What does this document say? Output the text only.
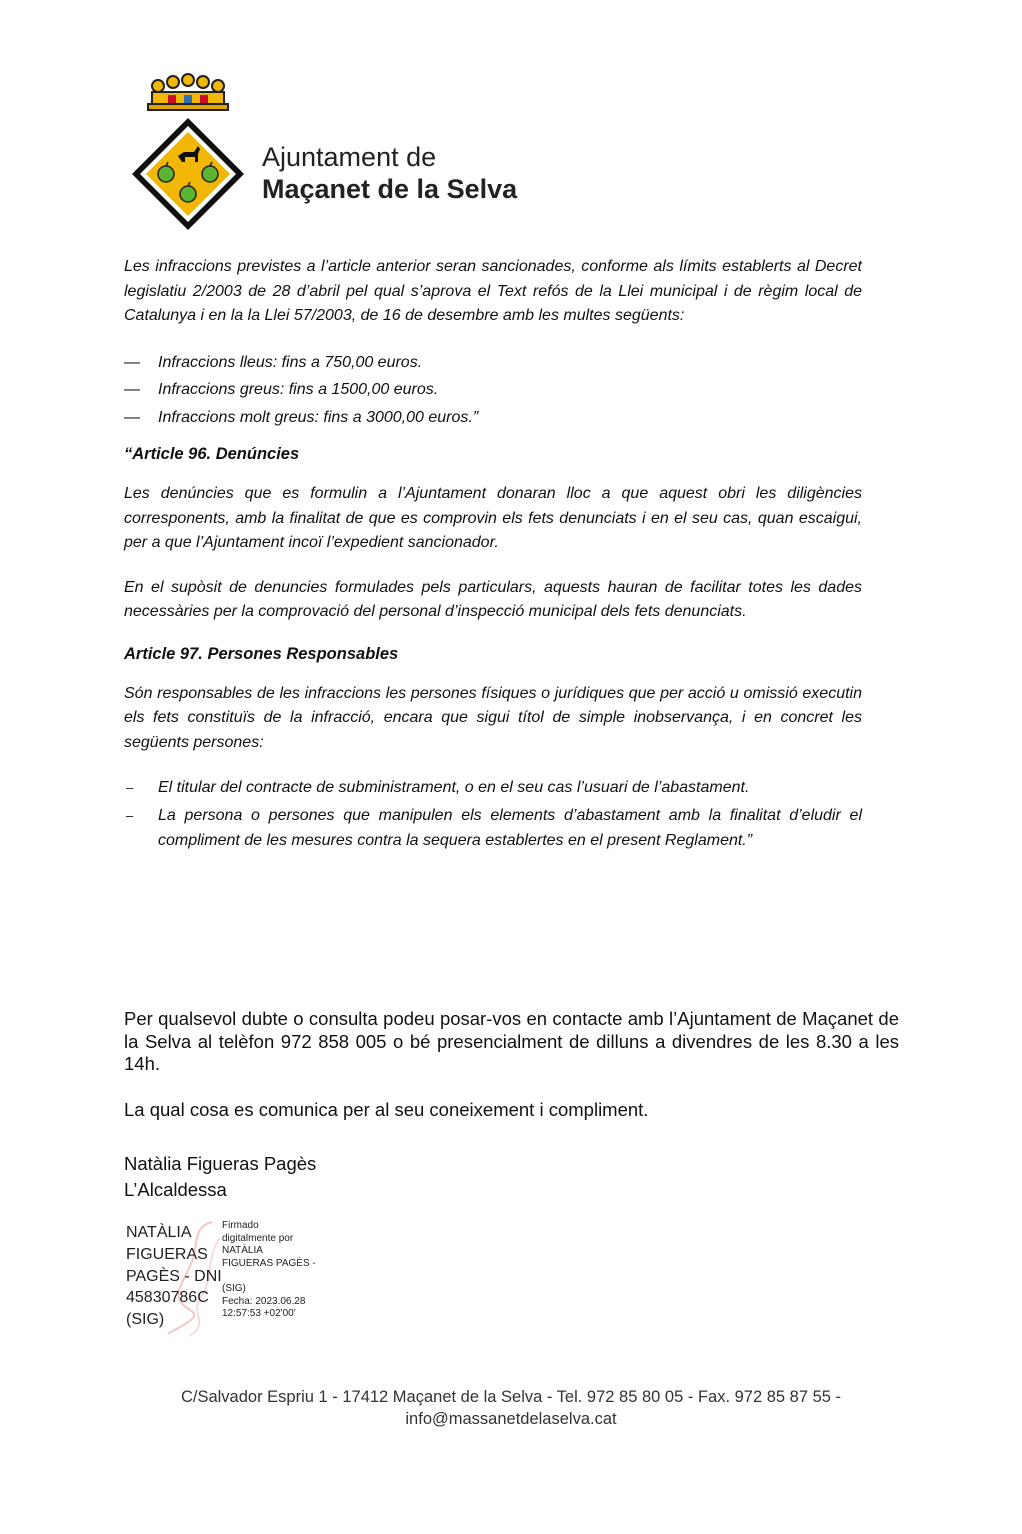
Ajuntament de
Maçanet de la Selva

Les infraccions previstes a l’article anterior seran sancionades, conforme als límits establerts al Decret legislatiu 2/2003 de 28 d’abril pel qual s’aprova el Text refós de la Llei municipal i de règim local de Catalunya i en la la Llei 57/2003, de 16 de desembre amb les multes següents:

— Infraccions lleus: fins a 750,00 euros.
— Infraccions greus: fins a 1500,00 euros.
— Infraccions molt greus: fins a 3000,00 euros.”

“Article 96. Denúncies

Les denúncies que es formulin a l’Ajuntament donaran lloc a que aquest obri les diligències corresponents, amb la finalitat de que es comprovin els fets denunciats i en el seu cas, quan escaigui, per a que l’Ajuntament incoï l’expedient sancionador.

En el supòsit de denuncies formulades pels particulars, aquests hauran de facilitar totes les dades necessàries per la comprovació del personal d’inspecció municipal dels fets denunciats.

Article 97. Persones Responsables

Són responsables de les infraccions les persones físiques o jurídiques que per acció u omissió executin els fets constituïs de la infracció, encara que sigui títol de simple inobservança, i en concret les següents persones:

– El titular del contracte de subministrament, o en el seu cas l’usuari de l’abastament.
– La persona o persones que manipulen els elements d’abastament amb la finalitat d’eludir el compliment de les mesures contra la sequera establertes en el present Reglament.”

Per qualsevol dubte o consulta podeu posar-vos en contacte amb l’Ajuntament de Maçanet de la Selva al telèfon 972 858 005 o bé presencialment de dilluns a divendres de les 8.30 a les 14h.

La qual cosa es comunica per al seu coneixement i compliment.

Natàlia Figueras Pagès
L’Alcaldessa
NATÀLIA
FIGUERAS
PAGÈS - DNI
45830786C
(SIG)
Firmado
digitalmente por
NATÀLIA
FIGUERAS PAGÈS -
(SIG)
Fecha: 2023.06.28
12:57:53 +02'00'
C/Salvador Espriu 1 - 17412 Maçanet de la Selva - Tel. 972 85 80 05 - Fax. 972 85 87 55 -
info@massanetdelaselva.cat
